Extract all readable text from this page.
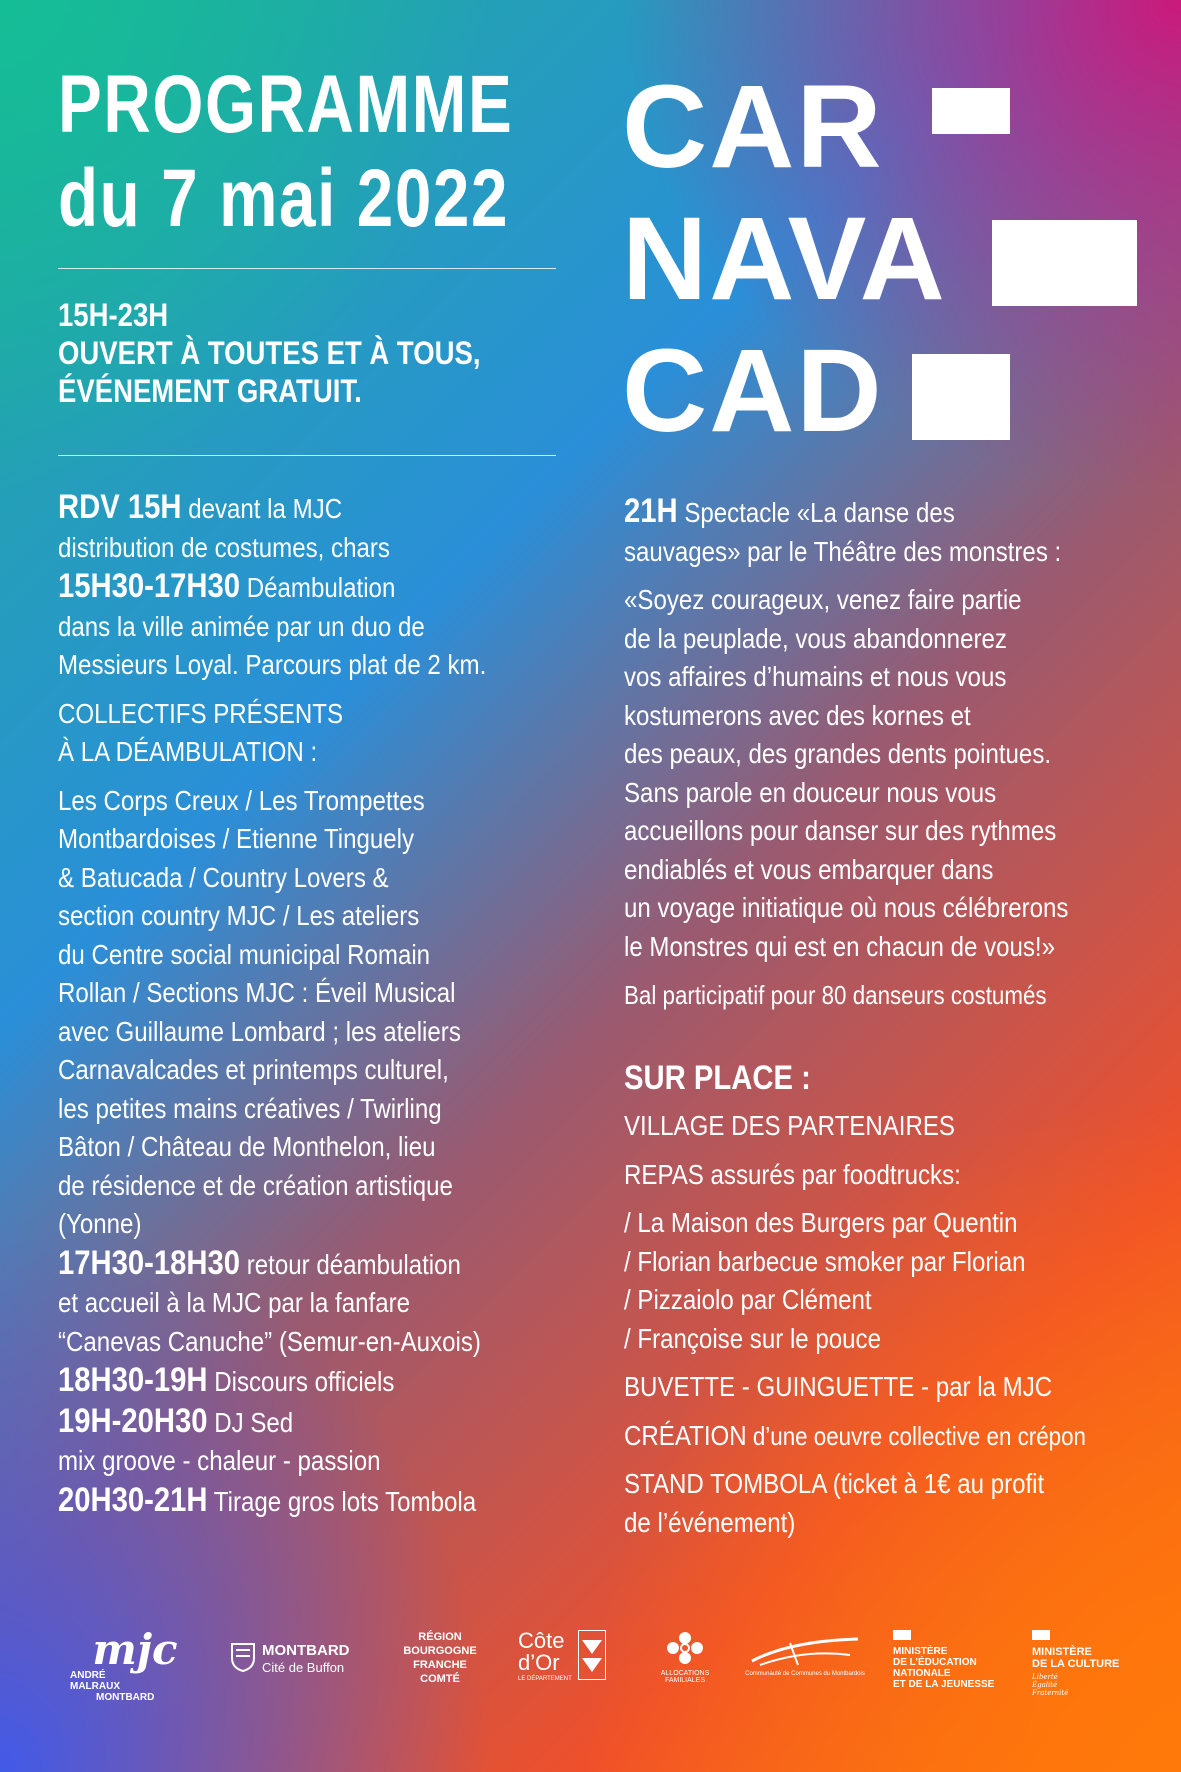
PROGRAMME
du 7 mai 2022
15H-23H
OUVERT À TOUTES ET À TOUS,
ÉVÉNEMENT GRATUIT.
CAR
NAVA
CAD

RDV 15H devant la MJC

distribution de costumes, chars

15H30-17H30 Déambulation

dans la ville animée par un duo de

Messieurs Loyal. Parcours plat de 2 km.

COLLECTIFS PRÉSENTS

À LA DÉAMBULATION :

Les Corps Creux / Les Trompettes

Montbardoises / Etienne Tinguely

& Batucada / Country Lovers &

section country MJC / Les ateliers

du Centre social municipal Romain

Rollan / Sections MJC : Éveil Musical

avec Guillaume Lombard ; les ateliers

Carnavalcades et printemps culturel,

les petites mains créatives / Twirling

Bâton / Château de Monthelon, lieu

de résidence et de création artistique

(Yonne)

17H30-18H30 retour déambulation

et accueil à la MJC par la fanfare

“Canevas Canuche” (Semur-en-Auxois)

18H30-19H Discours officiels

19H-20H30 DJ Sed

mix groove - chaleur - passion

20H30-21H Tirage gros lots Tombola

21H Spectacle «La danse des

sauvages» par le Théâtre des monstres :

«Soyez courageux, venez faire partie

de la peuplade, vous abandonnerez

vos affaires d’humains et nous vous

kostumerons avec des kornes et

des peaux, des grandes dents pointues.

Sans parole en douceur nous vous

accueillons pour danser sur des rythmes

endiablés et vous embarquer dans

un voyage initiatique où nous célébrerons

le Monstres qui est en chacun de vous!»

Bal participatif pour 80 danseurs costumés

SUR PLACE :

VILLAGE DES PARTENAIRES

REPAS assurés par foodtrucks:

/ La Maison des Burgers par Quentin

/ Florian barbecue smoker par Florian

/ Pizzaiolo par Clément

/ Françoise sur le pouce

BUVETTE - GUINGUETTE - par la MJC

CRÉATION d’une oeuvre collective en crépon

STAND TOMBOLA (ticket à 1€ au profit

de l’événement)

mjc
ANDRÉ
MALRAUX MONTBARD
MONTBARD
Cité de Buffon
RÉGION
BOURGOGNE
FRANCHE
COMTÉ
Côte
d’Or
LE DÉPARTEMENT
ALLOCATIONS FAMILIALES
Communauté de Communes du Montbardois
MINISTÈRE
DE L’ÉDUCATION
NATIONALE
ET DE LA JEUNESSE
MINISTÈRE
DE LA CULTURE
Liberté
Égalité
Fraternité
